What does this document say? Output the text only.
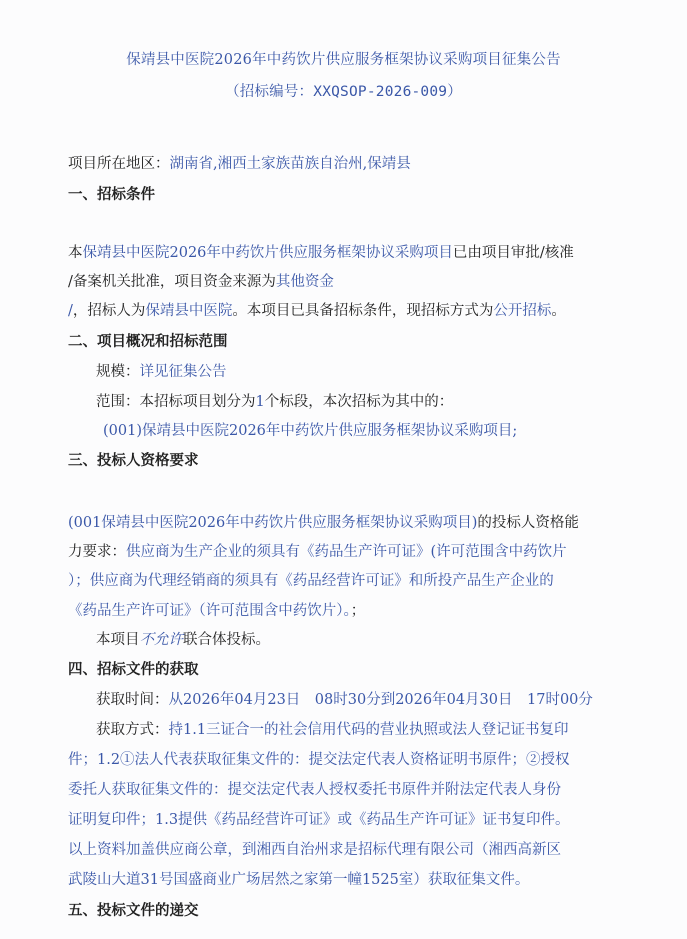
保靖县中医院2026年中药饮片供应服务框架协议采购项目征集公告
（招标编号：XXQSOP-2026-009）
项目所在地区：湖南省,湘西土家族苗族自治州,保靖县
一、招标条件
本保靖县中医院2026年中药饮片供应服务框架协议采购项目已由项目审批/核准
/备案机关批准，项目资金来源为其他资金
/，招标人为保靖县中医院。本项目已具备招标条件，现招标方式为公开招标。
二、项目概况和招标范围
规模：详见征集公告
范围：本招标项目划分为1个标段，本次招标为其中的：
(001)保靖县中医院2026年中药饮片供应服务框架协议采购项目;
三、投标人资格要求
(001保靖县中医院2026年中药饮片供应服务框架协议采购项目)的投标人资格能
力要求：供应商为生产企业的须具有《药品生产许可证》(许可范围含中药饮片
）；供应商为代理经销商的须具有《药品经营许可证》和所投产品生产企业的
《药品生产许可证》（许可范围含中药饮片）。；
本项目不允许联合体投标。
四、招标文件的获取
获取时间：从2026年04月23日　08时30分到2026年04月30日　17时00分
获取方式：持1.1三证合一的社会信用代码的营业执照或法人登记证书复印
件；1.2①法人代表获取征集文件的：提交法定代表人资格证明书原件；②授权
委托人获取征集文件的：提交法定代表人授权委托书原件并附法定代表人身份
证明复印件；1.3提供《药品经营许可证》或《药品生产许可证》证书复印件。
以上资料加盖供应商公章，到湘西自治州求是招标代理有限公司（湘西高新区
武陵山大道31号国盛商业广场居然之家第一幢1525室）获取征集文件。
五、投标文件的递交
